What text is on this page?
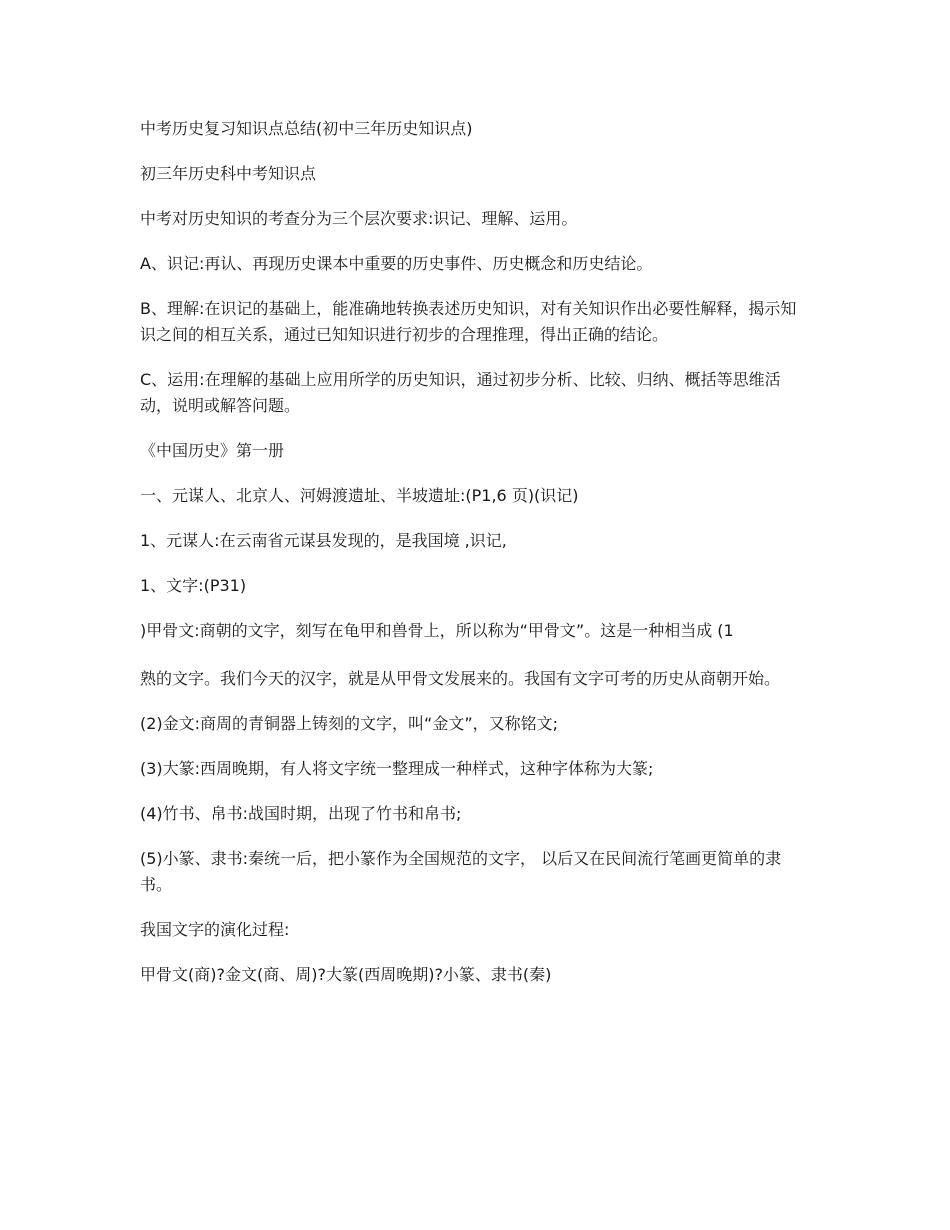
中考历史复习知识点总结(初中三年历史知识点)

初三年历史科中考知识点

中考对历史知识的考查分为三个层次要求:识记、理解、运用。

A、识记:再认、再现历史课本中重要的历史事件、历史概念和历史结论。

B、理解:在识记的基础上，能准确地转换表述历史知识，对有关知识作出必要性解释，揭示知识之间的相互关系，通过已知知识进行初步的合理推理，得出正确的结论。

C、运用:在理解的基础上应用所学的历史知识，通过初步分析、比较、归纳、概括等思维活动，说明或解答问题。

《中国历史》第一册

一、元谋人、北京人、河姆渡遗址、半坡遗址:(P1,6 页)(识记)

1、元谋人:在云南省元谋县发现的，是我国境 ,识记,

1、文字:(P31)

)甲骨文:商朝的文字，刻写在龟甲和兽骨上，所以称为“甲骨文”。这是一种相当成 (1

熟的文字。我们今天的汉字，就是从甲骨文发展来的。我国有文字可考的历史从商朝开始。

(2)金文:商周的青铜器上铸刻的文字，叫“金文”，又称铭文;

(3)大篆:西周晚期，有人将文字统一整理成一种样式，这种字体称为大篆;

(4)竹书、帛书:战国时期，出现了竹书和帛书;

(5)小篆、隶书:秦统一后，把小篆作为全国规范的文字， 以后又在民间流行笔画更简单的隶书。

我国文字的演化过程:

甲骨文(商)?金文(商、周)?大篆(西周晚期)?小篆、隶书(秦)
